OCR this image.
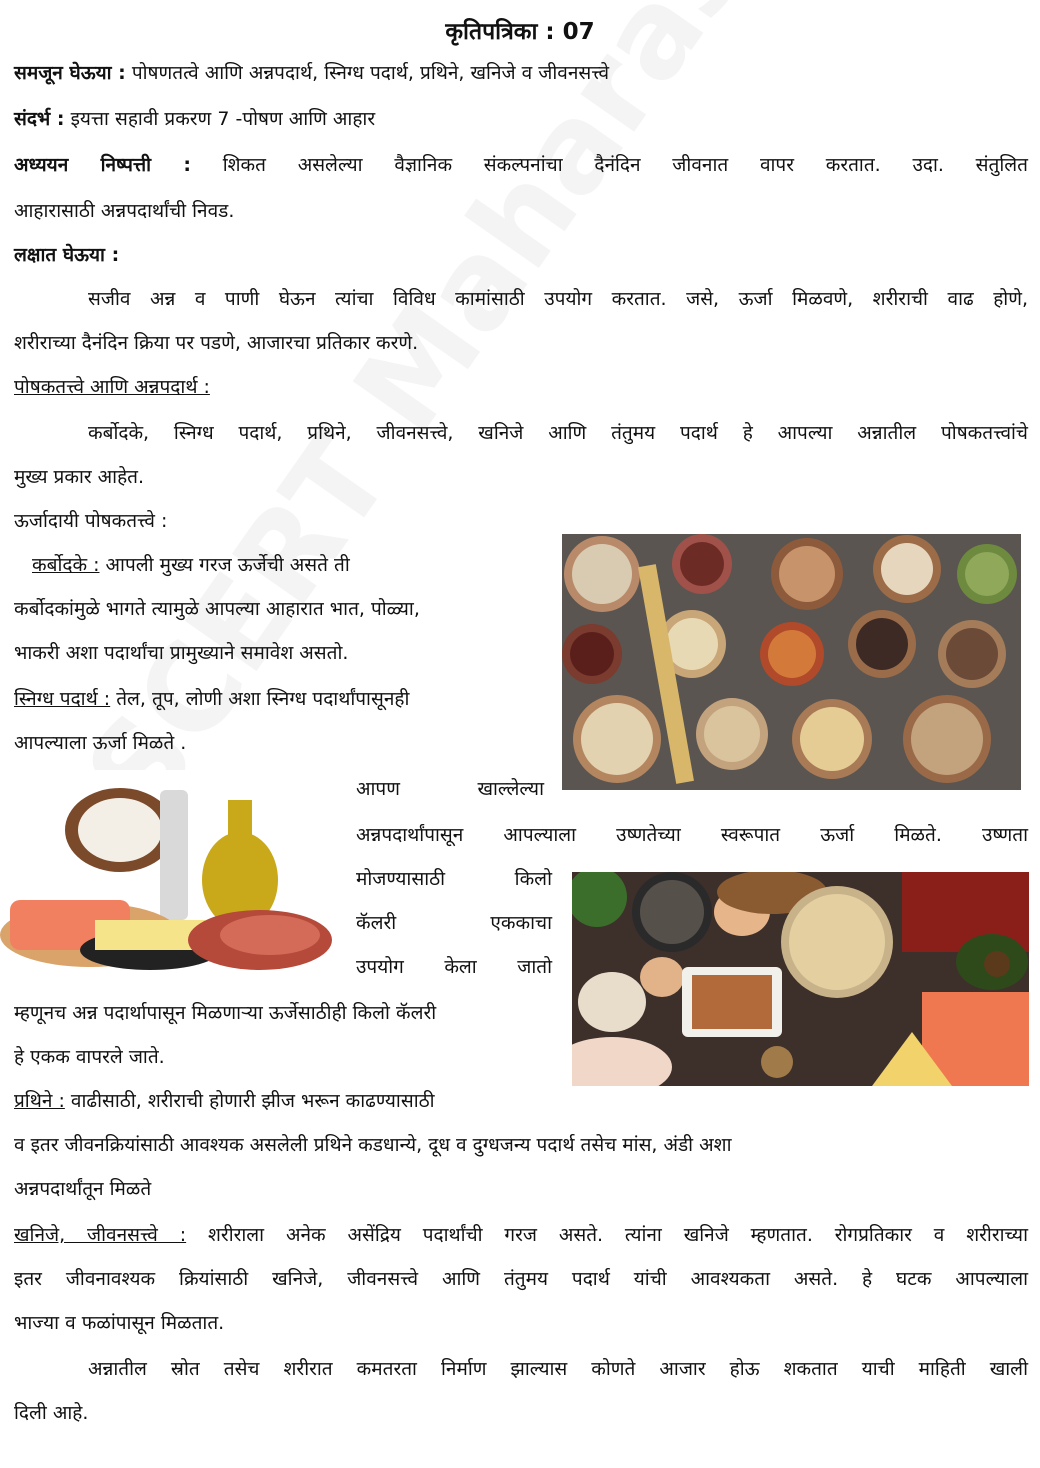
कृतिपत्रिका : 07
समजून घेऊया : पोषणतत्वे आणि अन्नपदार्थ, स्निग्ध पदार्थ, प्रथिने, खनिजे व जीवनसत्त्वे
संदर्भ : इयत्ता सहावी प्रकरण 7 -पोषण आणि आहार
अध्ययन निष्पत्ती : शिकत असलेल्या वैज्ञानिक संकल्पनांचा दैनंदिन जीवनात वापर करतात. उदा. संतुलित
आहारासाठी अन्नपदार्थांची निवड.
लक्षात घेऊया :
सजीव अन्न व पाणी घेऊन त्यांचा विविध कामांसाठी उपयोग करतात. जसे, ऊर्जा मिळवणे, शरीराची वाढ होणे,
शरीराच्या दैनंदिन क्रिया पर पडणे, आजारचा प्रतिकार करणे.
पोषकतत्त्वे आणि अन्नपदार्थ :
कर्बोदके, स्निग्ध पदार्थ, प्रथिने, जीवनसत्त्वे, खनिजे आणि तंतुमय पदार्थ हे आपल्या अन्नातील पोषकतत्त्वांचे
मुख्य प्रकार आहेत.
ऊर्जादायी पोषकतत्त्वे :
कर्बोदके : आपली मुख्य गरज ऊर्जेची असते ती
कर्बोदकांमुळे भागते त्यामुळे आपल्या आहारात भात, पोळ्या,
भाकरी अशा पदार्थांचा प्रामुख्याने समावेश असतो.
स्निग्ध पदार्थ : तेल, तूप, लोणी अशा स्निग्ध पदार्थांपासूनही
आपल्याला ऊर्जा मिळते .
आपण	खाल्लेल्या
अन्नपदार्थांपासून आपल्याला उष्णतेच्या स्वरूपात ऊर्जा मिळते. उष्णता
मोजण्यासाठी	किलो
कॅलरी	एककाचा
उपयोग केला जातो
म्हणूनच अन्न पदार्थापासून मिळणाऱ्या ऊर्जेसाठीही किलो कॅलरी
हे एकक वापरले जाते.
प्रथिने : वाढीसाठी, शरीराची होणारी झीज भरून काढण्यासाठी
व इतर जीवनक्रियांसाठी आवश्यक असलेली प्रथिने कडधान्ये, दूध व दुग्धजन्य पदार्थ तसेच मांस, अंडी अशा
अन्नपदार्थांतून मिळते
खनिजे, जीवनसत्त्वे : शरीराला अनेक असेंद्रिय पदार्थांची गरज असते. त्यांना खनिजे म्हणतात. रोगप्रतिकार व शरीराच्या
इतर जीवनावश्यक क्रियांसाठी खनिजे, जीवनसत्त्वे आणि तंतुमय पदार्थ यांची आवश्यकता असते. हे घटक आपल्याला
भाज्या व फळांपासून मिळतात.
अन्नातील स्रोत तसेच शरीरात कमतरता निर्माण झाल्यास कोणते आजार होऊ शकतात याची माहिती खाली
दिली आहे.
